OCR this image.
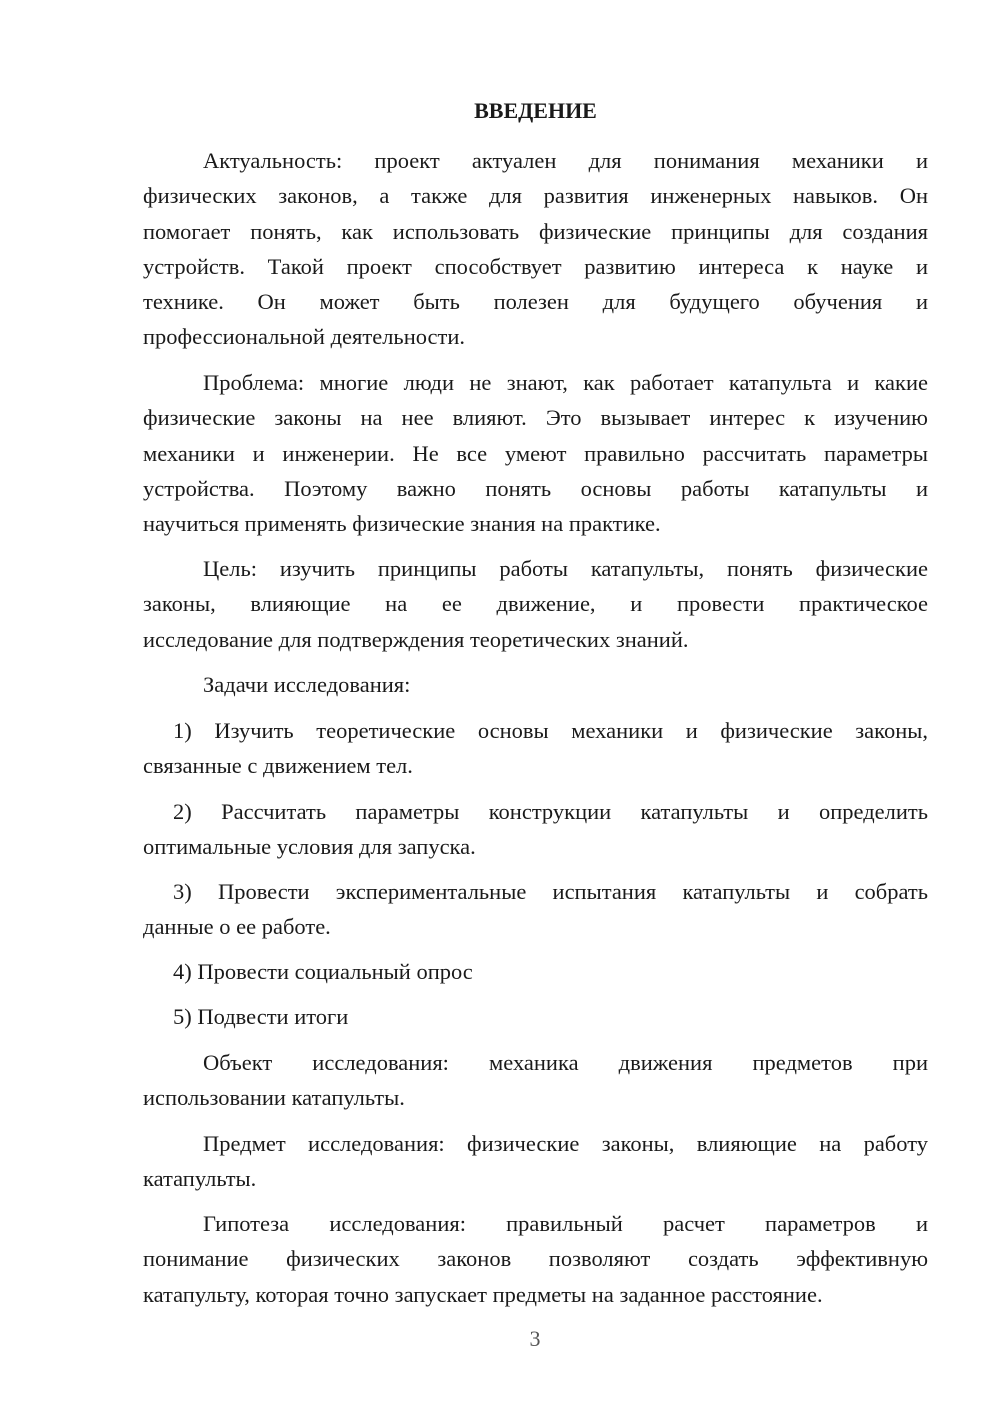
ВВЕДЕНИЕ
Актуальность: проект актуален для понимания механики и
физических законов, а также для развития инженерных навыков. Он
помогает понять, как использовать физические принципы для создания
устройств. Такой проект способствует развитию интереса к науке и
технике. Он может быть полезен для будущего обучения и
профессиональной деятельности.
Проблема: многие люди не знают, как работает катапульта и какие
физические законы на нее влияют. Это вызывает интерес к изучению
механики и инженерии. Не все умеют правильно рассчитать параметры
устройства. Поэтому важно понять основы работы катапульты и
научиться применять физические знания на практике.
Цель: изучить принципы работы катапульты, понять физические
законы, влияющие на ее движение, и провести практическое
исследование для подтверждения теоретических знаний.
Задачи исследования:
1) Изучить теоретические основы механики и физические законы,
связанные с движением тел.
2) Рассчитать параметры конструкции катапульты и определить
оптимальные условия для запуска.
3) Провести экспериментальные испытания катапульты и собрать
данные о ее работе.
4) Провести социальный опрос
5) Подвести итоги
Объект исследования: механика движения предметов при
использовании катапульты.
Предмет исследования: физические законы, влияющие на работу
катапульты.
Гипотеза исследования: правильный расчет параметров и
понимание физических законов позволяют создать эффективную
катапульту, которая точно запускает предметы на заданное расстояние.
3
